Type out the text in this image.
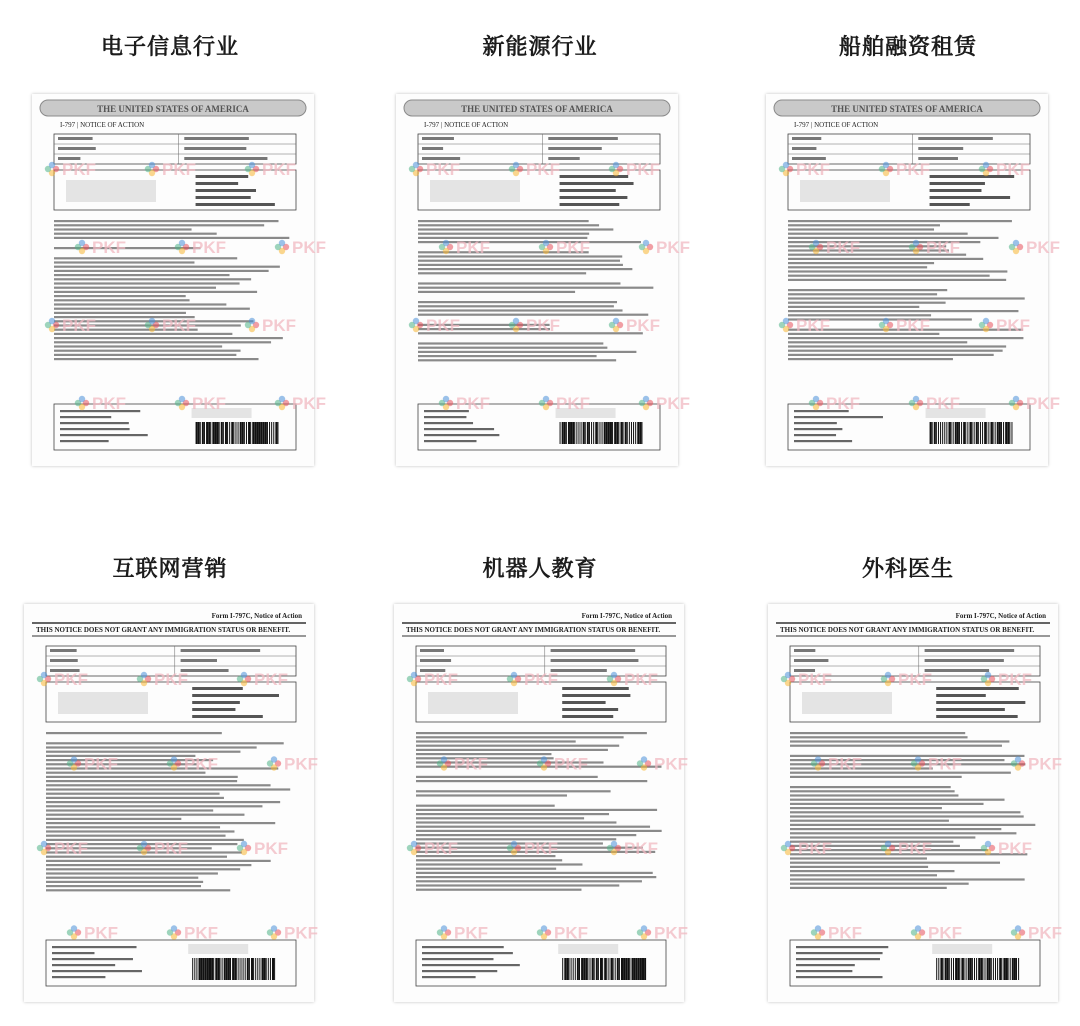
电子信息行业
THE UNITED STATES OF AMERICA
I-797 | NOTICE OF ACTION
PKF	PKF	PKF
PKF	PKF	PKF
PKF	PKF	PKF
PKF	PKF	PKF
新能源行业
THE UNITED STATES OF AMERICA
I-797 | NOTICE OF ACTION
PKF	PKF	PKF
PKF	PKF	PKF
PKF	PKF	PKF
PKF	PKF	PKF
船舶融资租赁
THE UNITED STATES OF AMERICA
I-797 | NOTICE OF ACTION
PKF	PKF	PKF
PKF	PKF	PKF
PKF	PKF	PKF
PKF	PKF	PKF
互联网营销
Form I-797C, Notice of Action
THIS NOTICE DOES NOT GRANT ANY IMMIGRATION STATUS OR BENEFIT.
PKF	PKF	PKF
PKF	PKF	PKF
PKF	PKF	PKF
PKF	PKF	PKF
机器人教育
Form I-797C, Notice of Action
THIS NOTICE DOES NOT GRANT ANY IMMIGRATION STATUS OR BENEFIT.
PKF	PKF	PKF
PKF	PKF	PKF
PKF	PKF	PKF
PKF	PKF	PKF
外科医生
Form I-797C, Notice of Action
THIS NOTICE DOES NOT GRANT ANY IMMIGRATION STATUS OR BENEFIT.
PKF	PKF	PKF
PKF	PKF	PKF
PKF	PKF	PKF
PKF	PKF	PKF
